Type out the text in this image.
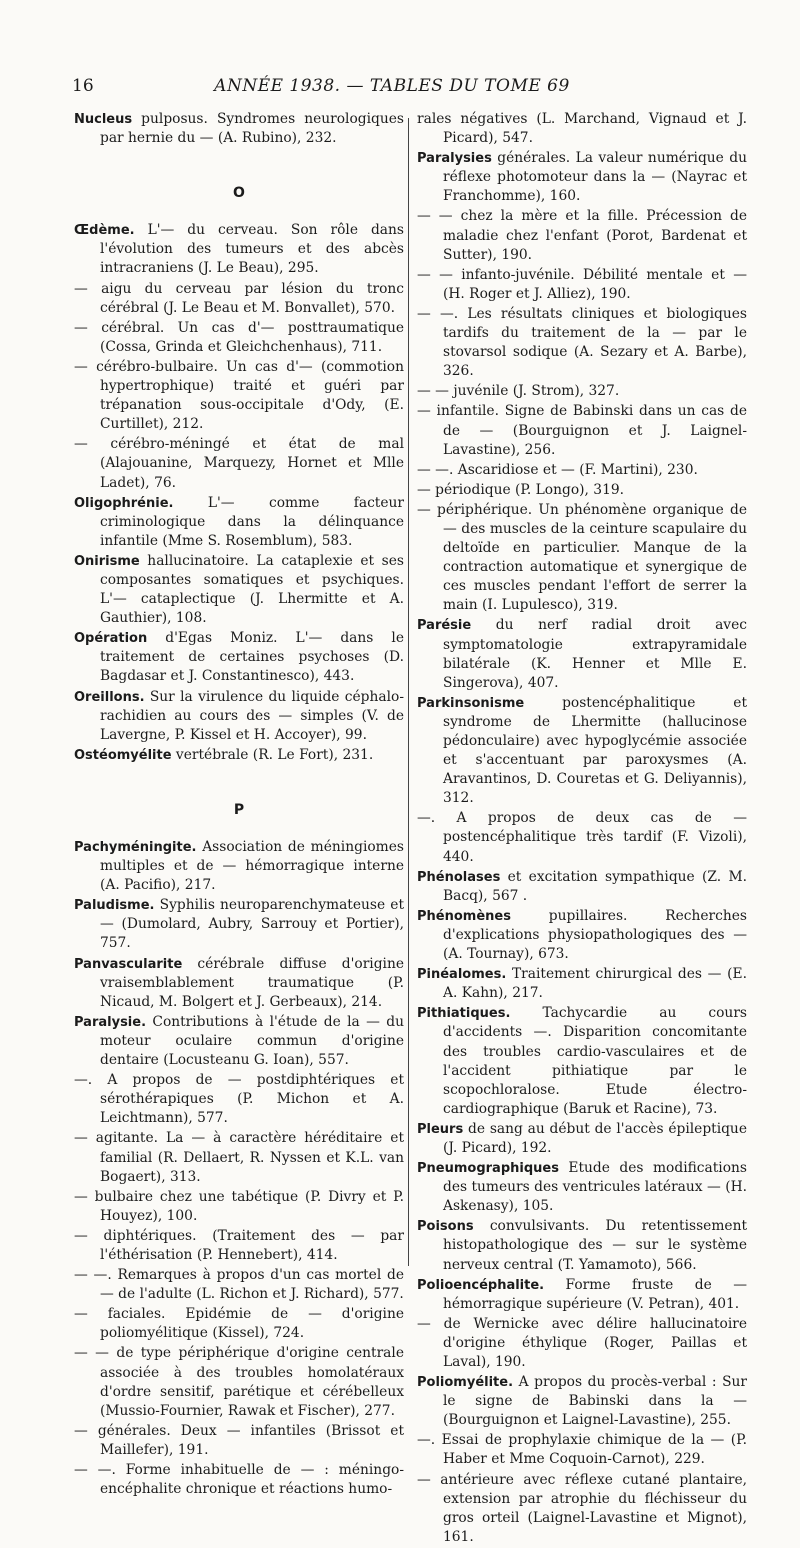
16	ANNÉE 1938. — TABLES DU TOME 69
Nucleus pulposus. Syndromes neurologiques par hernie du — (A. Rubino), 232.
O
Œdème. L'— du cerveau. Son rôle dans l'évolution des tumeurs et des abcès intracraniens (J. Le Beau), 295.
— aigu du cerveau par lésion du tronc cérébral (J. Le Beau et M. Bonvallet), 570.
— cérébral. Un cas d'— posttraumatique (Cossa, Grinda et Gleichchenhaus), 711.
— cérébro-bulbaire. Un cas d'— (commotion hypertrophique) traité et guéri par trépanation sous-occipitale d'Ody, (E. Curtillet), 212.
— cérébro-méningé et état de mal (Alajouanine, Marquezy, Hornet et Mlle Ladet), 76.
Oligophrénie. L'— comme facteur criminologique dans la délinquance infantile (Mme S. Rosemblum), 583.
Onirisme hallucinatoire. La cataplexie et ses composantes somatiques et psychiques. L'— cataplectique (J. Lhermitte et A. Gauthier), 108.
Opération d'Egas Moniz. L'— dans le traitement de certaines psychoses (D. Bagdasar et J. Constantinesco), 443.
Oreillons. Sur la virulence du liquide céphalo-rachidien au cours des — simples (V. de Lavergne, P. Kissel et H. Accoyer), 99.
Ostéomyélite vertébrale (R. Le Fort), 231.
P
Pachyméningite. Association de méningiomes multiples et de — hémorragique interne (A. Pacifio), 217.
Paludisme. Syphilis neuroparenchymateuse et — (Dumolard, Aubry, Sarrouy et Portier), 757.
Panvascularite cérébrale diffuse d'origine vraisemblablement traumatique (P. Nicaud, M. Bolgert et J. Gerbeaux), 214.
Paralysie. Contributions à l'étude de la — du moteur oculaire commun d'origine dentaire (Locusteanu G. Ioan), 557.
—. A propos de — postdiphtériques et sérothérapiques (P. Michon et A. Leichtmann), 577.
— agitante. La — à caractère héréditaire et familial (R. Dellaert, R. Nyssen et K.L. van Bogaert), 313.
— bulbaire chez une tabétique (P. Divry et P. Houyez), 100.
— diphtériques. (Traitement des — par l'éthérisation (P. Hennebert), 414.
— —. Remarques à propos d'un cas mortel de — de l'adulte (L. Richon et J. Richard), 577.
— faciales. Epidémie de — d'origine poliomyélitique (Kissel), 724.
— — de type périphérique d'origine centrale associée à des troubles homolatéraux d'ordre sensitif, parétique et cérébelleux (Mussio-Fournier, Rawak et Fischer), 277.
— générales. Deux — infantiles (Brissot et Maillefer), 191.
— —. Forme inhabituelle de — : méningo-encéphalite chronique et réactions humo-
rales négatives (L. Marchand, Vignaud et J. Picard), 547.
Paralysies générales. La valeur numérique du réflexe photomoteur dans la — (Nayrac et Franchomme), 160.
— — chez la mère et la fille. Précession de maladie chez l'enfant (Porot, Bardenat et Sutter), 190.
— — infanto-juvénile. Débilité mentale et — (H. Roger et J. Alliez), 190.
— —. Les résultats cliniques et biologiques tardifs du traitement de la — par le stovarsol sodique (A. Sezary et A. Barbe), 326.
— — juvénile (J. Strom), 327.
— infantile. Signe de Babinski dans un cas de de — (Bourguignon et J. Laignel-Lavastine), 256.
— —. Ascaridiose et — (F. Martini), 230.
— périodique (P. Longo), 319.
— périphérique. Un phénomène organique de — des muscles de la ceinture scapulaire du deltoïde en particulier. Manque de la contraction automatique et synergique de ces muscles pendant l'effort de serrer la main (I. Lupulesco), 319.
Parésie du nerf radial droit avec symptomatologie extrapyramidale bilatérale (K. Henner et Mlle E. Singerova), 407.
Parkinsonisme postencéphalitique et syndrome de Lhermitte (hallucinose pédonculaire) avec hypoglycémie associée et s'accentuant par paroxysmes (A. Aravantinos, D. Couretas et G. Deliyannis), 312.
—. A propos de deux cas de — postencéphalitique très tardif (F. Vizoli), 440.
Phénolases et excitation sympathique (Z. M. Bacq), 567 .
Phénomènes pupillaires. Recherches d'explications physiopathologiques des — (A. Tournay), 673.
Pinéalomes. Traitement chirurgical des — (E. A. Kahn), 217.
Pithiatiques. Tachycardie au cours d'accidents —. Disparition concomitante des troubles cardio-vasculaires et de l'accident pithiatique par le scopochloralose. Etude électro-cardiographique (Baruk et Racine), 73.
Pleurs de sang au début de l'accès épileptique (J. Picard), 192.
Pneumographiques Etude des modifications des tumeurs des ventricules latéraux — (H. Askenasy), 105.
Poisons convulsivants. Du retentissement histopathologique des — sur le système nerveux central (T. Yamamoto), 566.
Polioencéphalite. Forme fruste de — hémorragique supérieure (V. Petran), 401.
— de Wernicke avec délire hallucinatoire d'origine éthylique (Roger, Paillas et Laval), 190.
Poliomyélite. A propos du procès-verbal : Sur le signe de Babinski dans la — (Bourguignon et Laignel-Lavastine), 255.
—. Essai de prophylaxie chimique de la — (P. Haber et Mme Coquoin-Carnot), 229.
— antérieure avec réflexe cutané plantaire, extension par atrophie du fléchisseur du gros orteil (Laignel-Lavastine et Mignot), 161.
